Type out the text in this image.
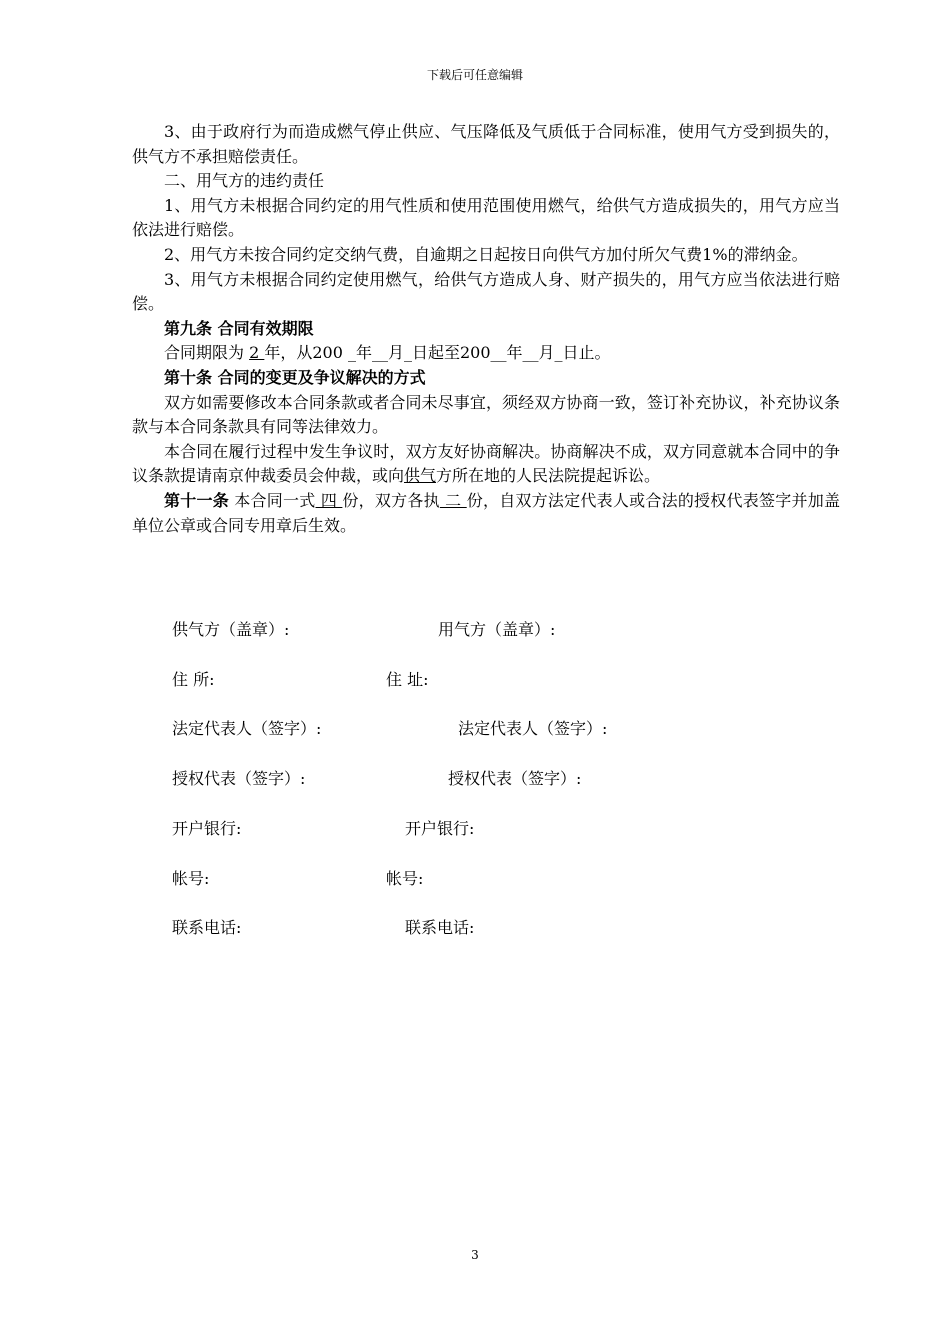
下载后可任意编辑

3、由于政府行为而造成燃气停止供应、气压降低及气质低于合同标准，使用气方受到损失的，供气方不承担赔偿责任。

二、用气方的违约责任

1、用气方未根据合同约定的用气性质和使用范围使用燃气，给供气方造成损失的，用气方应当依法进行赔偿。

2、用气方未按合同约定交纳气费，自逾期之日起按日向供气方加付所欠气费1%的滞纳金。

3、用气方未根据合同约定使用燃气，给供气方造成人身、财产损失的，用气方应当依法进行赔偿。

第九条 合同有效期限

合同期限为 2 年，从200 _年__月_日起至200__年__月_日止。

第十条 合同的变更及争议解决的方式

双方如需要修改本合同条款或者合同未尽事宜，须经双方协商一致，签订补充协议，补充协议条款与本合同条款具有同等法律效力。

本合同在履行过程中发生争议时，双方友好协商解决。协商解决不成，双方同意就本合同中的争议条款提请南京仲裁委员会仲裁，或向供气方所在地的人民法院提起诉讼。

第十一条 本合同一式 四 份，双方各执 二 份，自双方法定代表人或合法的授权代表签字并加盖单位公章或合同专用章后生效。

供气方（盖章）:	用气方（盖章）:
住 所:	住 址:
法定代表人（签字）:	法定代表人（签字）:
授权代表（签字）:	授权代表（签字）:
开户银行:	开户银行:
帐号:	帐号:
联系电话:	联系电话:
3
